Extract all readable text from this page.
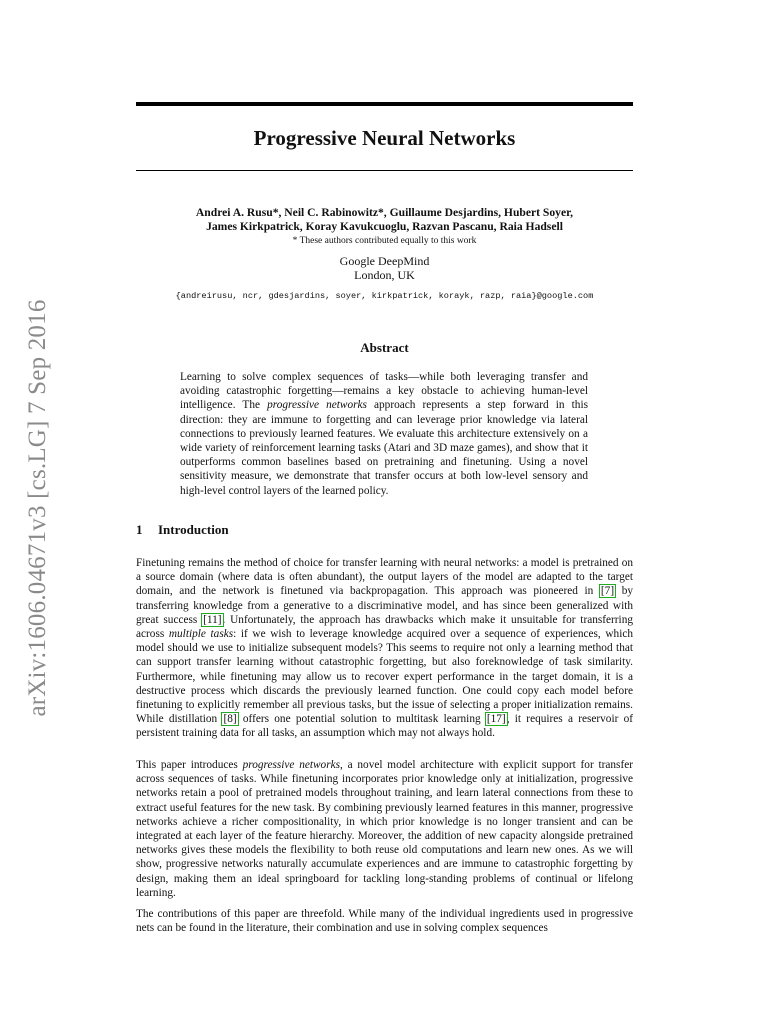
arXiv:1606.04671v3 [cs.LG] 7 Sep 2016
Progressive Neural Networks
Andrei A. Rusu*, Neil C. Rabinowitz*, Guillaume Desjardins, Hubert Soyer,
James Kirkpatrick, Koray Kavukcuoglu, Razvan Pascanu, Raia Hadsell
* These authors contributed equally to this work
Google DeepMind
London, UK
{andreirusu, ncr, gdesjardins, soyer, kirkpatrick, korayk, razp, raia}@google.com
Abstract
Learning to solve complex sequences of tasks—while both leveraging transfer and avoiding catastrophic forgetting—remains a key obstacle to achieving human-level intelligence. The progressive networks approach represents a step forward in this direction: they are immune to forgetting and can leverage prior knowledge via lateral connections to previously learned features. We evaluate this architecture extensively on a wide variety of reinforcement learning tasks (Atari and 3D maze games), and show that it outperforms common baselines based on pretraining and finetuning. Using a novel sensitivity measure, we demonstrate that transfer occurs at both low-level sensory and high-level control layers of the learned policy.
1 Introduction

Finetuning remains the method of choice for transfer learning with neural networks: a model is pretrained on a source domain (where data is often abundant), the output layers of the model are adapted to the target domain, and the network is finetuned via backpropagation. This approach was pioneered in [7] by transferring knowledge from a generative to a discriminative model, and has since been generalized with great success [11]. Unfortunately, the approach has drawbacks which make it unsuitable for transferring across multiple tasks: if we wish to leverage knowledge acquired over a sequence of experiences, which model should we use to initialize subsequent models? This seems to require not only a learning method that can support transfer learning without catastrophic forgetting, but also foreknowledge of task similarity. Furthermore, while finetuning may allow us to recover expert performance in the target domain, it is a destructive process which discards the previously learned function. One could copy each model before finetuning to explicitly remember all previous tasks, but the issue of selecting a proper initialization remains. While distillation [8] offers one potential solution to multitask learning [17], it requires a reservoir of persistent training data for all tasks, an assumption which may not always hold.

This paper introduces progressive networks, a novel model architecture with explicit support for transfer across sequences of tasks. While finetuning incorporates prior knowledge only at initialization, progressive networks retain a pool of pretrained models throughout training, and learn lateral connections from these to extract useful features for the new task. By combining previously learned features in this manner, progressive networks achieve a richer compositionality, in which prior knowledge is no longer transient and can be integrated at each layer of the feature hierarchy. Moreover, the addition of new capacity alongside pretrained networks gives these models the flexibility to both reuse old computations and learn new ones. As we will show, progressive networks naturally accumulate experiences and are immune to catastrophic forgetting by design, making them an ideal springboard for tackling long-standing problems of continual or lifelong learning.

The contributions of this paper are threefold. While many of the individual ingredients used in progressive nets can be found in the literature, their combination and use in solving complex sequences
